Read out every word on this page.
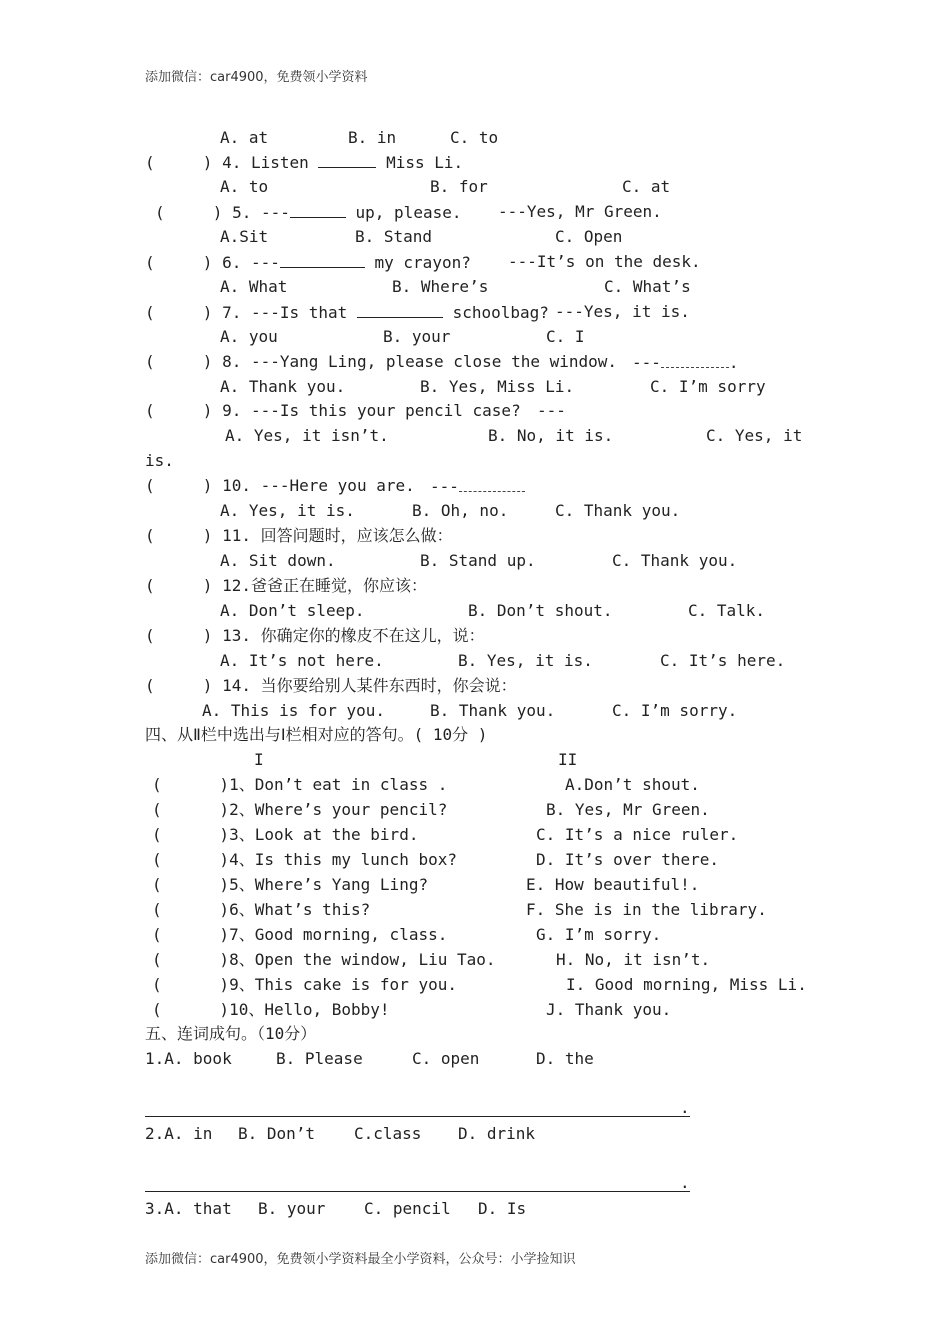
添加微信：car4900，免费领小学资料
A. at	B. in	C. to
(     ) 4. Listen	Miss Li.
A. to	B. for	C. at
(     ) 5. ---	up, please. ---Yes, Mr Green.
A.Sit	B. Stand	C. Open
(     ) 6. ---	my crayon? ---It’s on the desk.
A. What	B. Where’s	C. What’s
(     ) 7. ---Is that	schoolbag? ---Yes, it is.
A. you	B. your	C. I
(     ) 8. ---Yang Ling, please close the window. ---	.
A. Thank you.	B. Yes, Miss Li.	C. I’m sorry
(     ) 9. ---Is this your pencil case? ---
A. Yes, it isn’t.	B. No, it is.	C. Yes, it
is.
(     ) 10. ---Here you are. ---
A. Yes, it is.	B. Oh, no.	C. Thank you.
(     ) 11. 回答问题时，应该怎么做：
A. Sit down.	B. Stand up.	C. Thank you.
(     ) 12.爸爸正在睡觉，你应该：
A. Don’t sleep.	B. Don’t shout.	C. Talk.
(     ) 13. 你确定你的橡皮不在这儿，说：
A. It’s not here.	B. Yes, it is.	C. It’s here.
(     ) 14. 当你要给别人某件东西时，你会说：
A. This is for you.	B. Thank you.	C. I’m sorry.
四、从Ⅱ栏中选出与Ⅰ栏相对应的答句。( 10分 )
I	II
(      )1、Don’t eat in class .	A.Don’t shout.
(      )2、Where’s your pencil?	B. Yes, Mr Green.
(      )3、Look at the bird.	C. It’s a nice ruler.
(      )4、Is this my lunch box?	D. It’s over there.
(      )5、Where’s Yang Ling?	E. How beautiful!.
(      )6、What’s this?	F. She is in the library.
(      )7、Good morning, class.	G. I’m sorry.
(      )8、Open the window, Liu Tao.	H. No, it isn’t.
(      )9、This cake is for you.	I. Good morning, Miss Li.
(      )10、Hello, Bobby!	J. Thank you.
五、连词成句。（10分）
1.A. book	B. Please	C. open	D. the
.
2.A. in B. Don’t C.class D. drink
.
3.A. that B. your C. pencil D. Is
添加微信：car4900，免费领小学资料最全小学资料，公众号：小学捡知识
